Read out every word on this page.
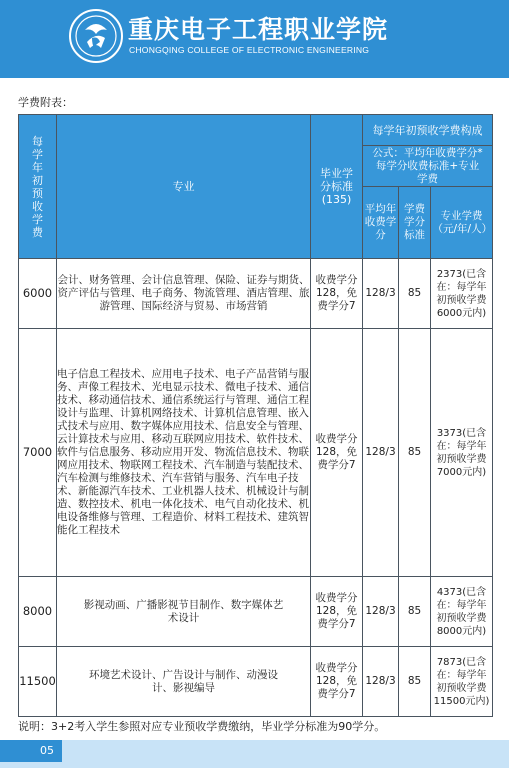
重庆电子工程职业学院
CHONGQING COLLEGE OF ELECTRONIC ENGINEERING
学费附表：
每学年初预收学费	专业	毕业学分标准(135)	每学年初预收学费构成		

			公式：平均年收费学分*每学分收费标准+专业学费		

			平均年收费学分	学费学分标准	专业学费（元/年/人）

6000	会计、财务管理、会计信息管理、保险、证券与期货、资产评估与管理、电子商务、物流管理、酒店管理、旅游管理、国际经济与贸易、市场营销	收费学分128，免费学分7	128/3	85	2373(已含在：每学年初预收学费6000元内)

7000	电子信息工程技术、应用电子技术、电子产品营销与服务、声像工程技术、光电显示技术、微电子技术、通信技术、移动通信技术、通信系统运行与管理、通信工程设计与监理、计算机网络技术、计算机信息管理、嵌入式技术与应用、数字媒体应用技术、信息安全与管理、云计算技术与应用、移动互联网应用技术、软件技术、软件与信息服务、移动应用开发、物流信息技术、物联网应用技术、物联网工程技术、汽车制造与装配技术、汽车检测与维修技术、汽车营销与服务、汽车电子技术、新能源汽车技术、工业机器人技术、机械设计与制造、数控技术、机电一体化技术、电气自动化技术、机电设备维修与管理、工程造价、材料工程技术、建筑智能化工程技术	收费学分128，免费学分7	128/3	85	3373(已含在：每学年初预收学费7000元内)

8000	影视动画、广播影视节目制作、数字媒体艺术设计	收费学分128，免费学分7	128/3	85	4373(已含在：每学年初预收学费8000元内)

11500	环境艺术设计、广告设计与制作、动漫设计、影视编导	收费学分128，免费学分7	128/3	85	7873(已含在：每学年初预收学费11500元内)
说明：3+2考入学生参照对应专业预收学费缴纳，毕业学分标准为90学分。
05
